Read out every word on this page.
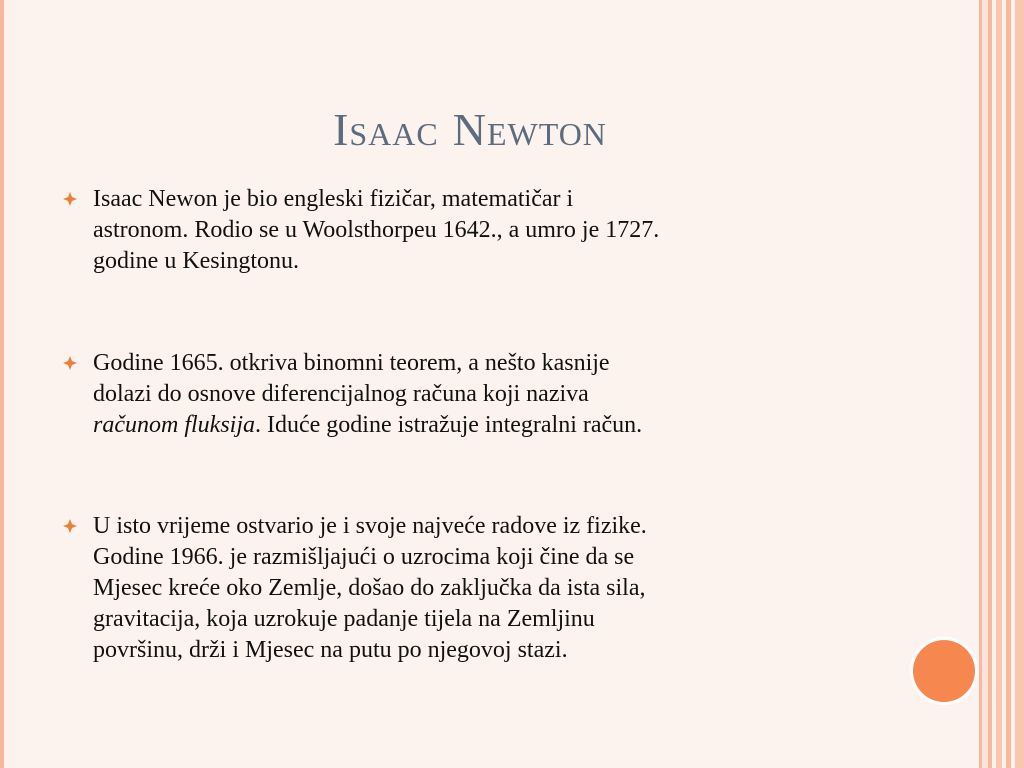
Isaac Newton
Isaac Newon je bio engleski fizičar, matematičar i
astronom. Rodio se u Woolsthorpeu 1642., a umro je 1727.
godine u Kesingtonu.
Godine 1665. otkriva binomni teorem, a nešto kasnije
dolazi do osnove diferencijalnog računa koji naziva
računom fluksija. Iduće godine istražuje integralni račun.
U isto vrijeme ostvario je i svoje najveće radove iz fizike.
Godine 1966. je razmišljajući o uzrocima koji čine da se
Mjesec kreće oko Zemlje, došao do zaključka da ista sila,
gravitacija, koja uzrokuje padanje tijela na Zemljinu
površinu, drži i Mjesec na putu po njegovoj stazi.
